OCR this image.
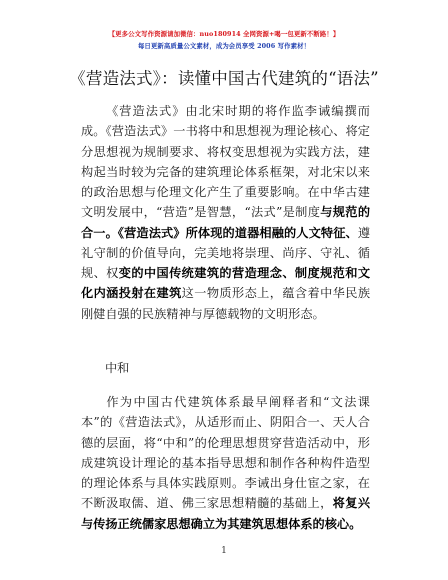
【更多公文写作资源请加微信：nuo180914 全网资源+喝一包更新不断路！】
每日更新高质量公文素材，成为会员享受 2006 写作素材！
《营造法式》：读懂中国古代建筑的“语法”
《营造法式》由北宋时期的将作监李诫编撰而成。《营造法式》一书将中和思想视为理论核心、将定分思想视为规制要求、将权变思想视为实践方法，建构起当时较为完备的建筑理论体系框架，对北宋以来的政治思想与伦理文化产生了重要影响。在中华古建文明发展中，“营造”是智慧，“法式”是制度与规范的合一。《营造法式》所体现的道器相融的人文特征、遵礼守制的价值导向，完美地将崇理、尚序、守礼、循规、权变的中国传统建筑的营造理念、制度规范和文化内涵投射在建筑这一物质形态上，蕴含着中华民族刚健自强的民族精神与厚德载物的文明形态。
中和
作为中国古代建筑体系最早阐释者和“文法课本”的《营造法式》，从适形而止、阴阳合一、天人合德的层面，将“中和”的伦理思想贯穿营造活动中，形成建筑设计理论的基本指导思想和制作各种构件造型的理论体系与具体实践原则。李诫出身仕宦之家，在不断汲取儒、道、佛三家思想精髓的基础上，将复兴与传扬正统儒家思想确立为其建筑思想体系的核心。
1
